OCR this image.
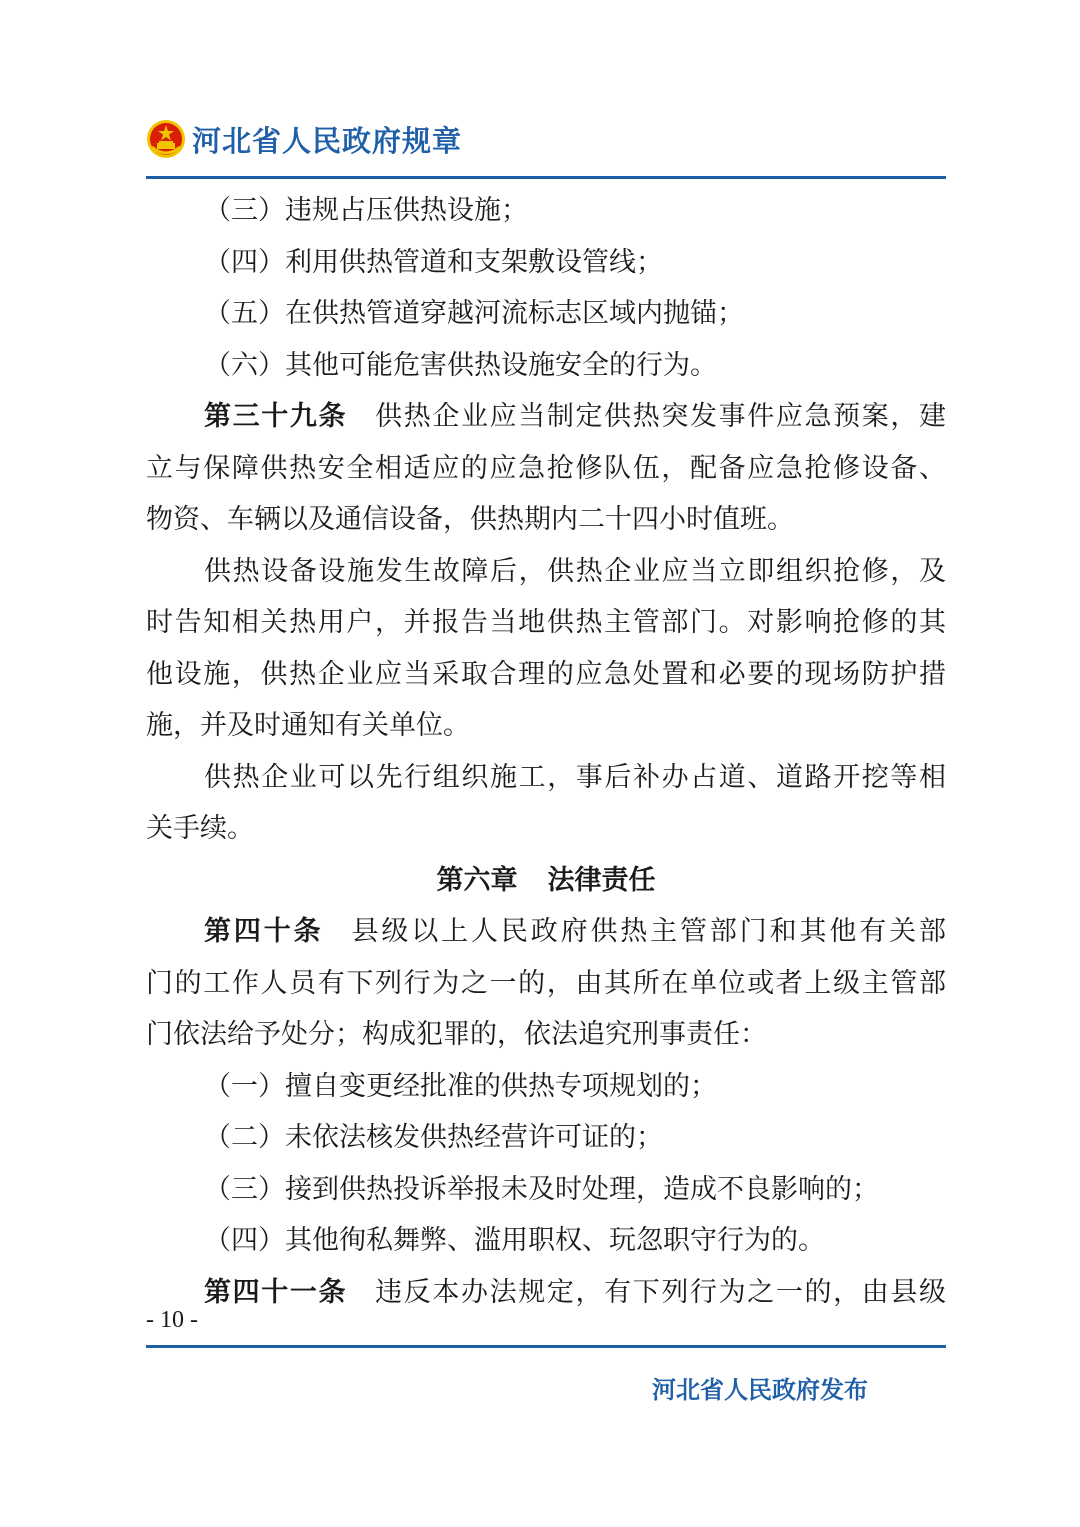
河北省人民政府规章
（三）违规占压供热设施；
（四）利用供热管道和支架敷设管线；
（五）在供热管道穿越河流标志区域内抛锚；
（六）其他可能危害供热设施安全的行为。
第三十九条 供热企业应当制定供热突发事件应急预案，建
立与保障供热安全相适应的应急抢修队伍，配备应急抢修设备、
物资、车辆以及通信设备，供热期内二十四小时值班。
供热设备设施发生故障后，供热企业应当立即组织抢修，及
时告知相关热用户，并报告当地供热主管部门。对影响抢修的其
他设施，供热企业应当采取合理的应急处置和必要的现场防护措
施，并及时通知有关单位。
供热企业可以先行组织施工，事后补办占道、道路开挖等相
关手续。
第六章 法律责任
第四十条 县级以上人民政府供热主管部门和其他有关部
门的工作人员有下列行为之一的，由其所在单位或者上级主管部
门依法给予处分；构成犯罪的，依法追究刑事责任：
（一）擅自变更经批准的供热专项规划的；
（二）未依法核发供热经营许可证的；
（三）接到供热投诉举报未及时处理，造成不良影响的；
（四）其他徇私舞弊、滥用职权、玩忽职守行为的。
第四十一条 违反本办法规定，有下列行为之一的，由县级
- 10 -
河北省人民政府发布
